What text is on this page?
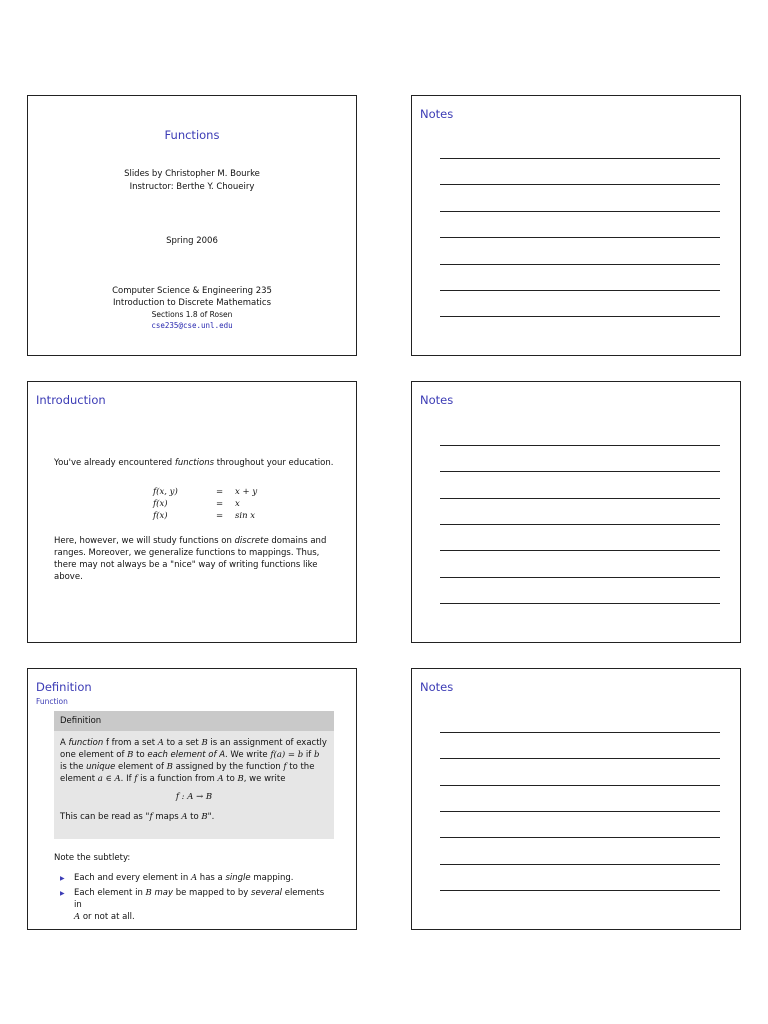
Functions
Slides by Christopher M. Bourke
Instructor: Berthe Y. Choueiry
Spring 2006
Computer Science & Engineering 235
Introduction to Discrete Mathematics
Sections 1.8 of Rosen
cse235@cse.unl.edu
Notes
Introduction
You've already encountered functions throughout your education.
f(x, y)	= x + y
f(x)	= x
f(x)	= sin x
Here, however, we will study functions on discrete domains and ranges. Moreover, we generalize functions to mappings. Thus, there may not always be a "nice" way of writing functions like above.
Notes
Definition
Function
Definition
A function f from a set A to a set B is an assignment of exactly one element of B to each element of A. We write f(a) = b if b is the unique element of B assigned by the function f to the element a ∈ A. If f is a function from A to B, we write
f : A → B
This can be read as "f maps A to B".
Note the subtlety:
▶ Each and every element in A has a single mapping.
▶ Each element in B may be mapped to by several elements in
A or not at all.
Notes
